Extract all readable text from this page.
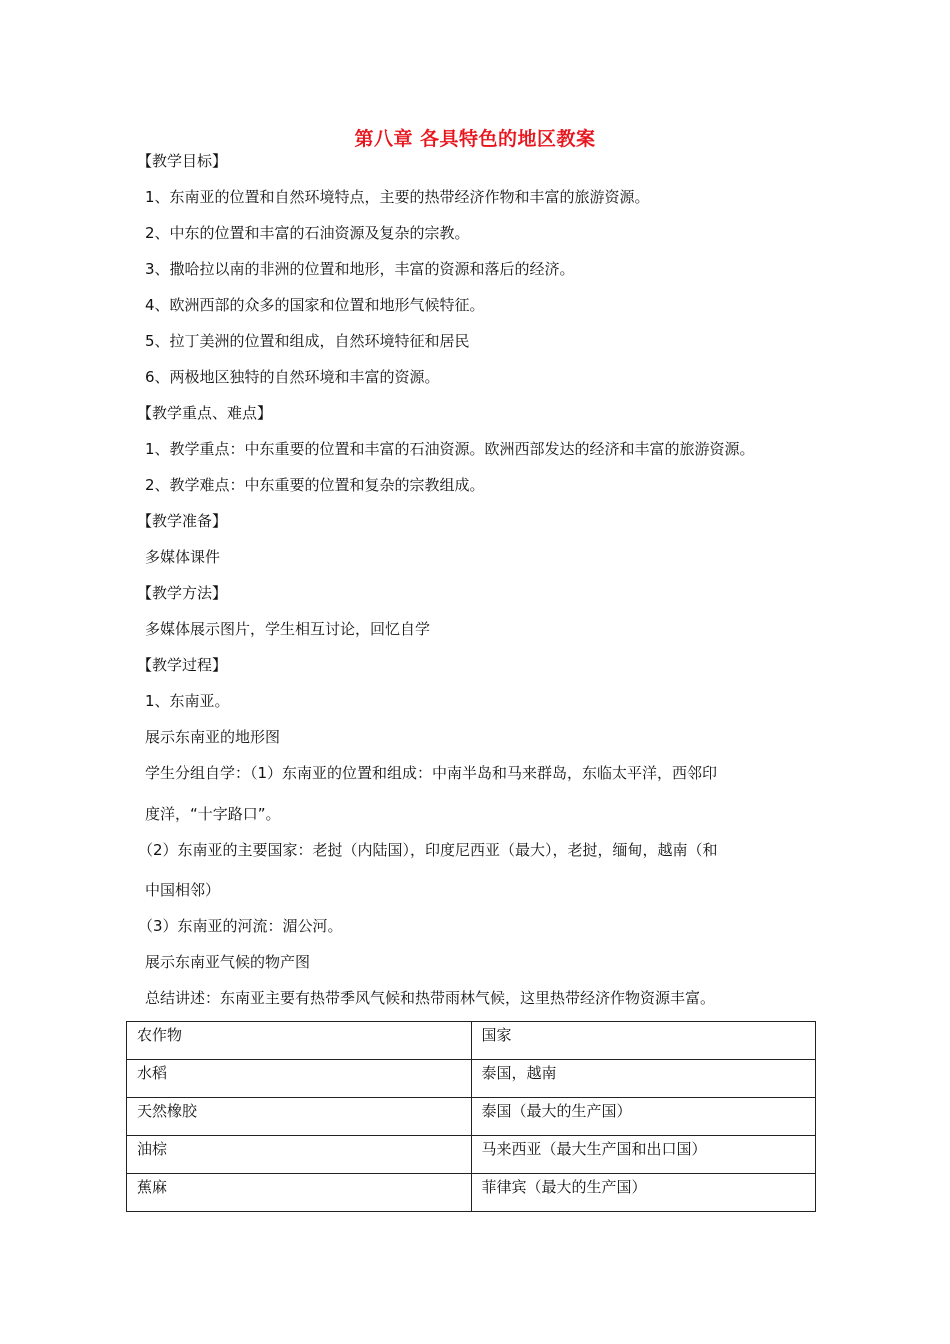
第八章 各具特色的地区教案
【教学目标】
1、东南亚的位置和自然环境特点，主要的热带经济作物和丰富的旅游资源。
2、中东的位置和丰富的石油资源及复杂的宗教。
3、撒哈拉以南的非洲的位置和地形，丰富的资源和落后的经济。
4、欧洲西部的众多的国家和位置和地形气候特征。
5、拉丁美洲的位置和组成，自然环境特征和居民
6、两极地区独特的自然环境和丰富的资源。
【教学重点、难点】
1、教学重点：中东重要的位置和丰富的石油资源。欧洲西部发达的经济和丰富的旅游资源。
2、教学难点：中东重要的位置和复杂的宗教组成。
【教学准备】
多媒体课件
【教学方法】
多媒体展示图片，学生相互讨论，回忆自学
【教学过程】
1、东南亚。
展示东南亚的地形图
学生分组自学：（1）东南亚的位置和组成：中南半岛和马来群岛，东临太平洋，西邻印
度洋，“十字路口”。
（2）东南亚的主要国家：老挝（内陆国），印度尼西亚（最大），老挝，缅甸，越南（和
中国相邻）
（3）东南亚的河流：湄公河。
展示东南亚气候的物产图
总结讲述：东南亚主要有热带季风气候和热带雨林气候，这里热带经济作物资源丰富。
农作物	国家
水稻	泰国，越南
天然橡胶	泰国（最大的生产国）
油棕	马来西亚（最大生产国和出口国）
蕉麻	菲律宾（最大的生产国）
